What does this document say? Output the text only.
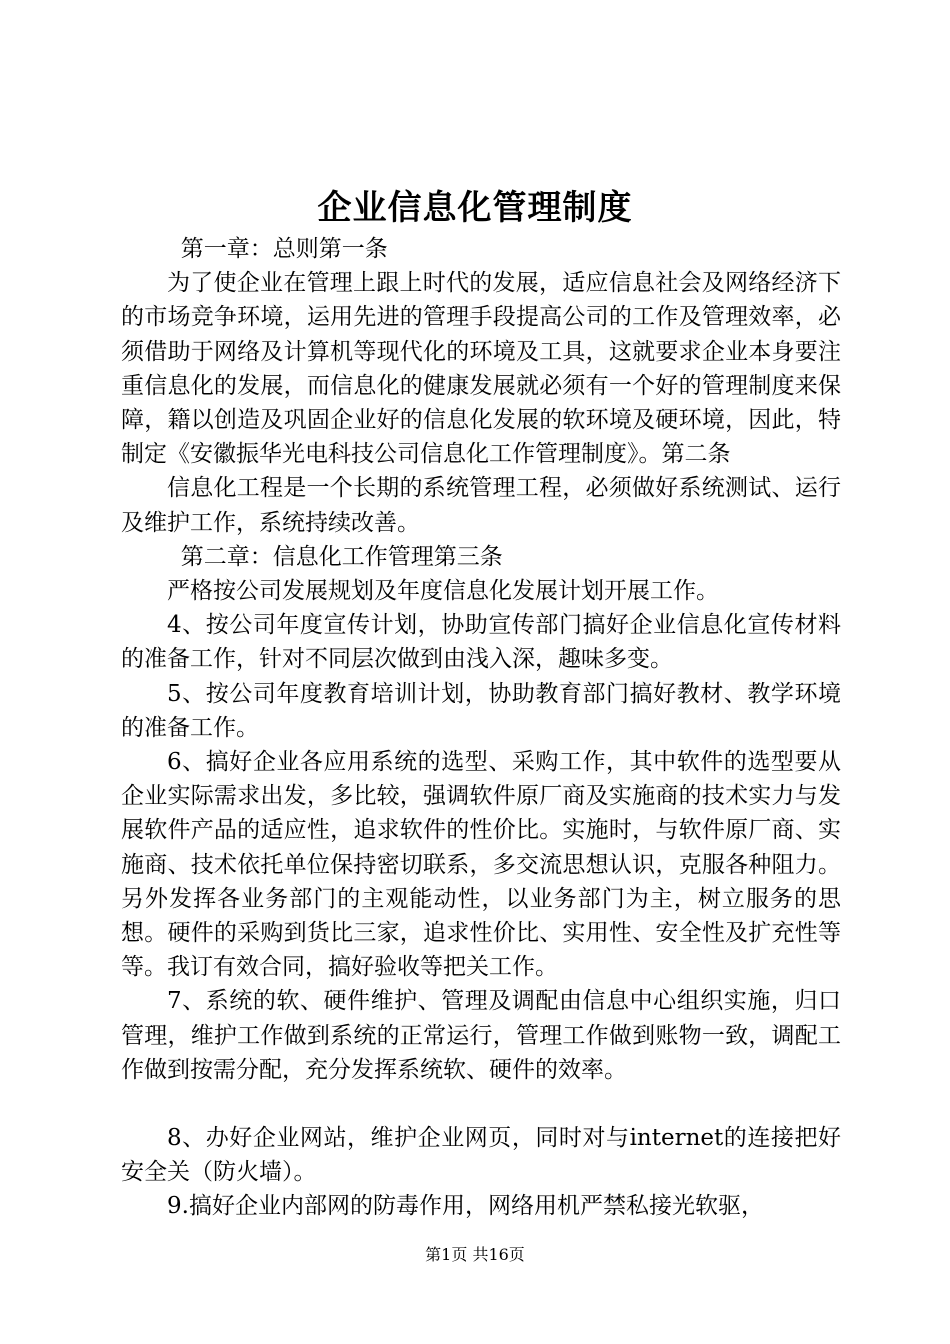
企业信息化管理制度

第一章：总则第一条

为了使企业在管理上跟上时代的发展，适应信息社会及网络经济下的市场竞争环境，运用先进的管理手段提高公司的工作及管理效率，必须借助于网络及计算机等现代化的环境及工具，这就要求企业本身要注重信息化的发展，而信息化的健康发展就必须有一个好的管理制度来保障，籍以创造及巩固企业好的信息化发展的软环境及硬环境，因此，特制定《安徽振华光电科技公司信息化工作管理制度》。第二条

信息化工程是一个长期的系统管理工程，必须做好系统测试、运行及维护工作，系统持续改善。

第二章：信息化工作管理第三条

严格按公司发展规划及年度信息化发展计划开展工作。

4、按公司年度宣传计划，协助宣传部门搞好企业信息化宣传材料的准备工作，针对不同层次做到由浅入深，趣味多变。

5、按公司年度教育培训计划，协助教育部门搞好教材、教学环境的准备工作。

6、搞好企业各应用系统的选型、采购工作，其中软件的选型要从企业实际需求出发，多比较，强调软件原厂商及实施商的技术实力与发展软件产品的适应性，追求软件的性价比。实施时，与软件原厂商、实施商、技术依托单位保持密切联系，多交流思想认识，克服各种阻力。另外发挥各业务部门的主观能动性，以业务部门为主，树立服务的思想。硬件的采购到货比三家，追求性价比、实用性、安全性及扩充性等等。我订有效合同，搞好验收等把关工作。

7、系统的软、硬件维护、管理及调配由信息中心组织实施，归口管理，维护工作做到系统的正常运行，管理工作做到账物一致，调配工作做到按需分配，充分发挥系统软、硬件的效率。

8、办好企业网站，维护企业网页，同时对与internet的连接把好安全关（防火墙）。

9.搞好企业内部网的防毒作用，网络用机严禁私接光软驱，

第1页 共16页
